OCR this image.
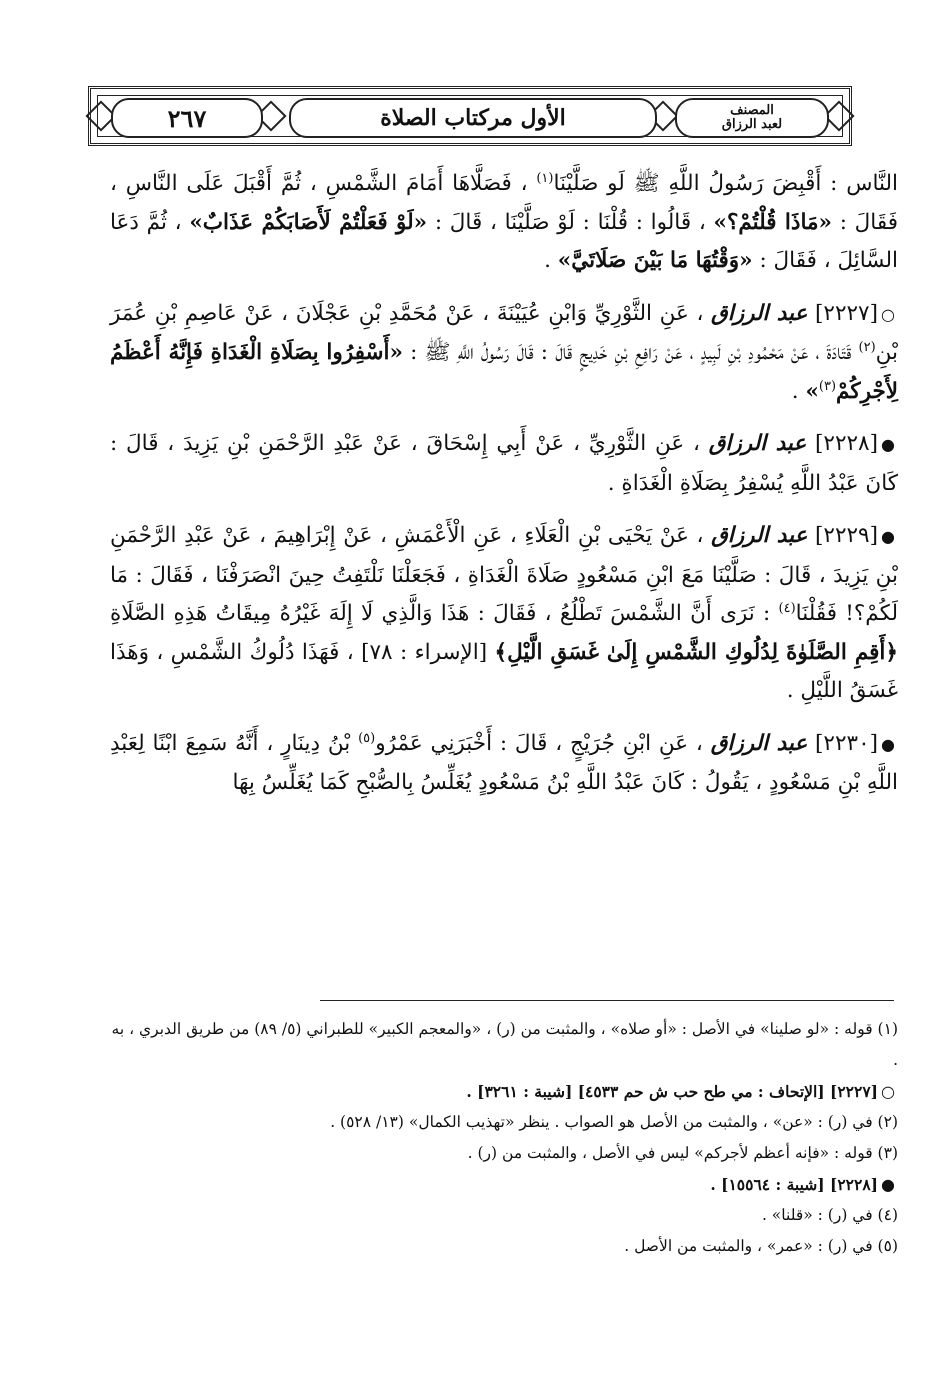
٢٦٧	الأول مركتاب الصلاة	المصنف
لعبد الرزاق

النَّاس : أَقْبِضَ رَسُولُ اللَّهِ ﷺ لَو صَلَّيْنَا$^{(١)}$ ، فَصَلَّاهَا أَمَامَ الشَّمْسِ ، ثُمَّ أَقْبَلَ عَلَى النَّاسِ ، فَقَالَ : «مَاذَا قُلْتُمْ؟» ، قَالُوا : قُلْنَا : لَوْ صَلَّيْنَا ، قَالَ : «لَوْ فَعَلْتُمْ لَأَصَابَكُمْ عَذَابٌ» ، ثُمَّ دَعَا السَّائِلَ ، فَقَالَ : «وَقْتُهَا مَا بَيْنَ صَلَاتَيَّ» .

○[٢٢٢٧] عبد الرزاق ، عَنِ الثَّوْرِيِّ وَابْنِ عُيَيْنَةَ ، عَنْ مُحَمَّدِ بْنِ عَجْلَانَ ، عَنْ عَاصِمِ بْنِ عُمَرَ بْنِ$^{(٢)}$ قَتَادَةَ ، عَنْ مَحْمُودِ بْنِ لَبِيدٍ ، عَنْ رَافِعِ بْنِ خَدِيجٍ قَالَ : قَالَ رَسُولُ اللَّهِ ﷺ : «أَسْفِرُوا بِصَلَاةِ الْغَدَاةِ فَإِنَّهُ أَعْظَمُ لِأَجْرِكُمْ$^{(٣)}$» .

●[٢٢٢٨] عبد الرزاق ، عَنِ الثَّوْرِيِّ ، عَنْ أَبِي إِسْحَاقَ ، عَنْ عَبْدِ الرَّحْمَنِ بْنِ يَزِيدَ ، قَالَ : كَانَ عَبْدُ اللَّهِ يُسْفِرُ بِصَلَاةِ الْغَدَاةِ .

●[٢٢٢٩] عبد الرزاق ، عَنْ يَحْيَى بْنِ الْعَلَاءِ ، عَنِ الْأَعْمَشِ ، عَنْ إِبْرَاهِيمَ ، عَنْ عَبْدِ الرَّحْمَنِ بْنِ يَزِيدَ ، قَالَ : صَلَّيْنَا مَعَ ابْنِ مَسْعُودٍ صَلَاةَ الْغَدَاةِ ، فَجَعَلْنَا نَلْتَفِتُ حِينَ انْصَرَفْنَا ، فَقَالَ : مَا لَكُمْ؟! فَقُلْنَا$^{(٤)}$ : نَرَى أَنَّ الشَّمْسَ تَطْلُعُ ، فَقَالَ : هَذَا وَالَّذِي لَا إِلَهَ غَيْرُهُ مِيقَاتُ هَذِهِ الصَّلَاةِ ﴿أَقِمِ الصَّلَوٰةَ لِدُلُوكِ الشَّمْسِ إِلَىٰ غَسَقِ الَّيْلِ﴾ [الإسراء : ٧٨] ، فَهَذَا دُلُوكُ الشَّمْسِ ، وَهَذَا غَسَقُ اللَّيْلِ .

●[٢٢٣٠] عبد الرزاق ، عَنِ ابْنِ جُرَيْجٍ ، قَالَ : أَخْبَرَنِي عَمْرُو$^{(٥)}$ بْنُ دِينَارٍ ، أَنَّهُ سَمِعَ ابْنًا لِعَبْدِ اللَّهِ بْنِ مَسْعُودٍ ، يَقُولُ : كَانَ عَبْدُ اللَّهِ بْنُ مَسْعُودٍ يُغَلِّسُ بِالصُّبْحِ كَمَا يُغَلِّسُ بِهَا

(١) قوله : «لو صلينا» في الأصل : «أو صلاه» ، والمثبت من (ر) ، «والمعجم الكبير» للطبراني (٥/ ٨٩) من طريق الدبري ، به .

○[٢٢٢٧] [الإتحاف : مي طح حب ش حم ٤٥٣٣] [شيبة : ٣٢٦١] .

(٢) في (ر) : «عن» ، والمثبت من الأصل هو الصواب . ينظر «تهذيب الكمال» (١٣/ ٥٢٨) .

(٣) قوله : «فإنه أعظم لأجركم» ليس في الأصل ، والمثبت من (ر) .

●[٢٢٢٨] [شيبة : ١٥٥٦٤] .

(٤) في (ر) : «قلنا» .

(٥) في (ر) : «عمر» ، والمثبت من الأصل .
